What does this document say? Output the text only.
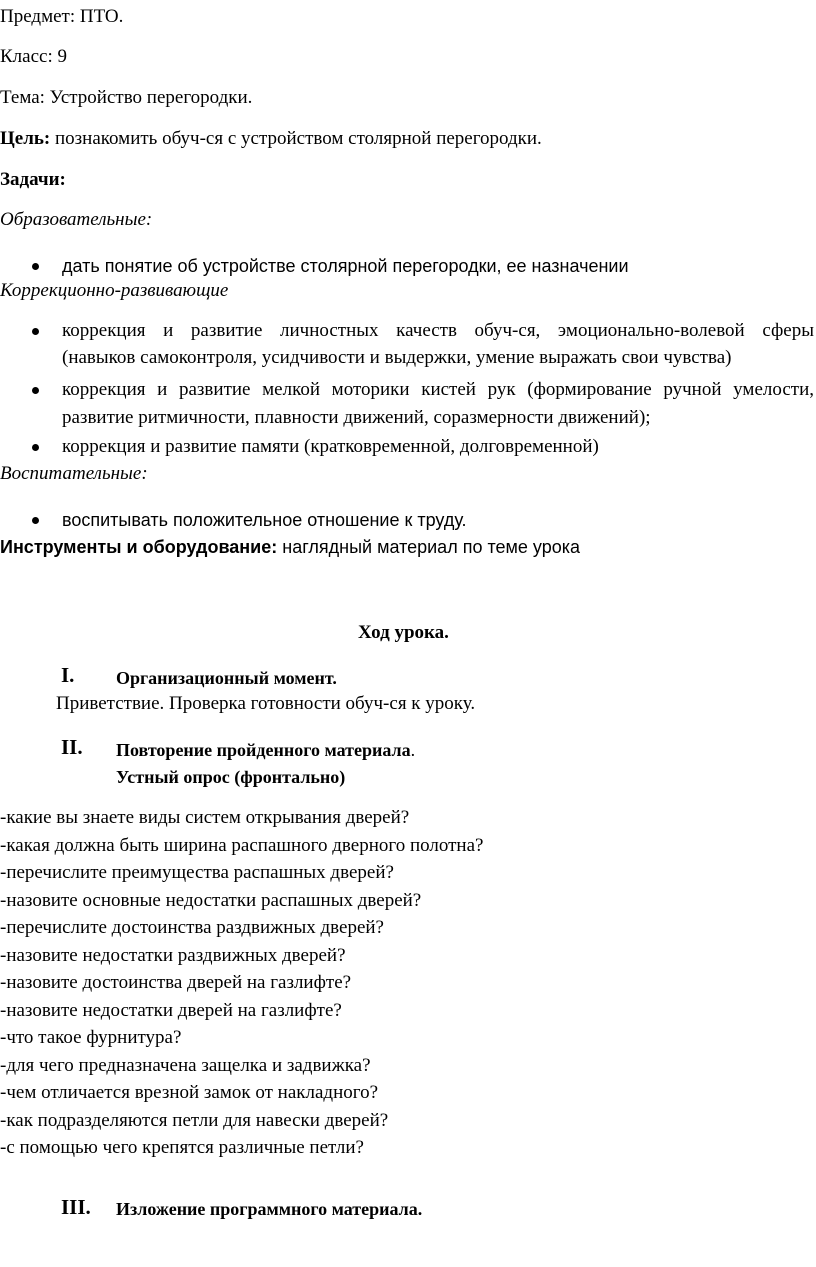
Предмет: ПТО.
Класс: 9
Тема: Устройство перегородки.
Цель: познакомить обуч-ся с устройством столярной перегородки.
Задачи:
Образовательные:
дать понятие об устройстве столярной перегородки, ее назначении
Коррекционно-развивающие
коррекция и развитие личностных качеств обуч-ся, эмоционально-волевой сферы
(навыков самоконтроля, усидчивости и выдержки, умение выражать свои чувства)
коррекция и развитие мелкой моторики кистей рук (формирование ручной умелости,
развитие ритмичности, плавности движений, соразмерности движений);
коррекция и развитие памяти (кратковременной, долговременной)
Воспитательные:
воспитывать положительное отношение к труду.
Инструменты и оборудование: наглядный материал по теме урока
Ход урока.
I. Организационный момент.
Приветствие. Проверка готовности обуч-ся к уроку.
II. Повторение пройденного материала.
Устный опрос (фронтально)
-какие вы знаете виды систем открывания дверей?
-какая должна быть ширина распашного дверного полотна?
-перечислите преимущества распашных дверей?
-назовите основные недостатки распашных дверей?
-перечислите достоинства раздвижных дверей?
-назовите недостатки раздвижных дверей?
-назовите достоинства дверей на газлифте?
-назовите недостатки дверей на газлифте?
-что такое фурнитура?
-для чего предназначена защелка и задвижка?
-чем отличается врезной замок от накладного?
-как подразделяются петли для навески дверей?
-с помощью чего крепятся различные петли?
III. Изложение программного материала.
